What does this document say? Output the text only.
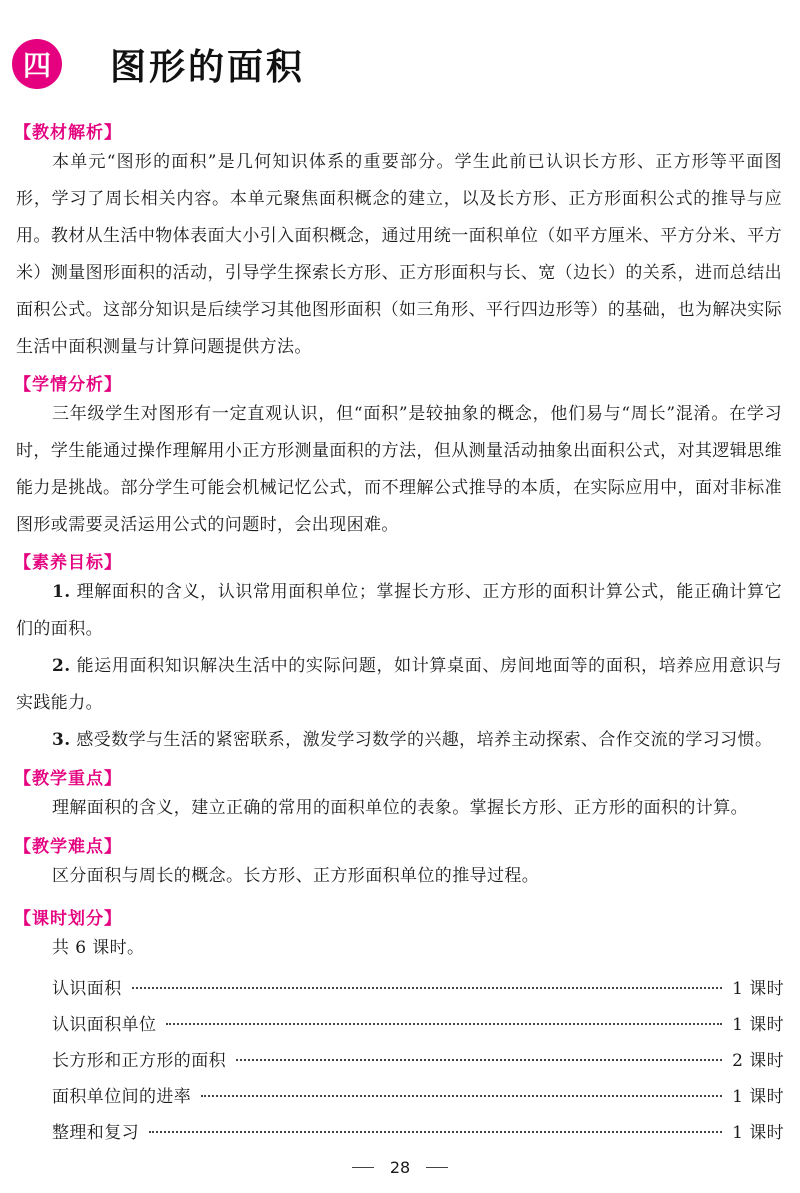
四	图形的面积
【教材解析】

本单元“图形的面积”是几何知识体系的重要部分。学生此前已认识长方形、正方形等平面图形，学习了周长相关内容。本单元聚焦面积概念的建立，以及长方形、正方形面积公式的推导与应用。教材从生活中物体表面大小引入面积概念，通过用统一面积单位（如平方厘米、平方分米、平方米）测量图形面积的活动，引导学生探索长方形、正方形面积与长、宽（边长）的关系，进而总结出面积公式。这部分知识是后续学习其他图形面积（如三角形、平行四边形等）的基础，也为解决实际生活中面积测量与计算问题提供方法。

【学情分析】

三年级学生对图形有一定直观认识，但“面积”是较抽象的概念，他们易与“周长”混淆。在学习时，学生能通过操作理解用小正方形测量面积的方法，但从测量活动抽象出面积公式，对其逻辑思维能力是挑战。部分学生可能会机械记忆公式，而不理解公式推导的本质，在实际应用中，面对非标准图形或需要灵活运用公式的问题时，会出现困难。

【素养目标】

1. 理解面积的含义，认识常用面积单位；掌握长方形、正方形的面积计算公式，能正确计算它们的面积。

2. 能运用面积知识解决生活中的实际问题，如计算桌面、房间地面等的面积，培养应用意识与实践能力。

3. 感受数学与生活的紧密联系，激发学习数学的兴趣，培养主动探索、合作交流的学习习惯。

【教学重点】

理解面积的含义，建立正确的常用的面积单位的表象。掌握长方形、正方形的面积的计算。

【教学难点】

区分面积与周长的概念。长方形、正方形面积单位的推导过程。

【课时划分】

共 6 课时。

认识面积	1 课时
认识面积单位	1 课时
长方形和正方形的面积	2 课时
面积单位间的进率	1 课时
整理和复习	1 课时
28
